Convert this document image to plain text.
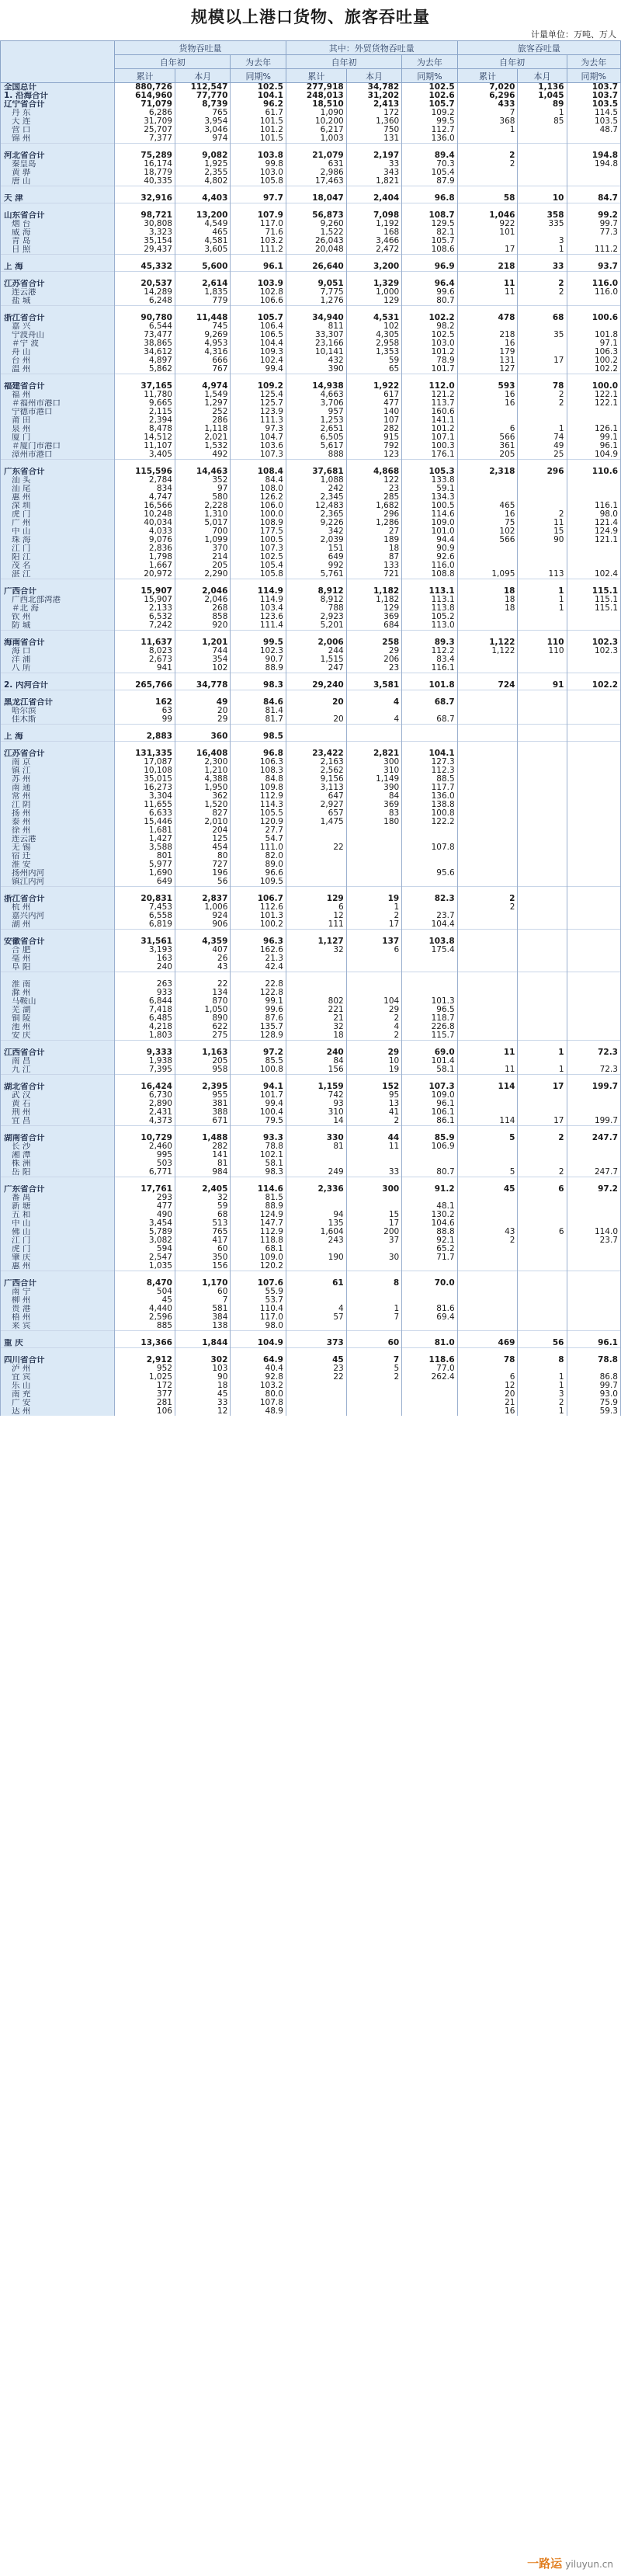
规模以上港口货物、旅客吞吐量
计量单位：万吨、万人
	货物吞吐量			其中：外贸货物吞吐量			旅客吞吐量		
	自年初		为去年	自年初		为去年	自年初		为去年
	累计	本月	同期%	累计	本月	同期%	累计	本月	同期%
全国总计	880,726	112,547	102.5	277,918	34,782	102.5	7,020	1,136	103.7
1. 沿海合计	614,960	77,770	104.1	248,013	31,202	102.6	6,296	1,045	103.7
辽宁省合计	71,079	8,739	96.2	18,510	2,413	105.7	433	89	103.5
丹 东	6,286	765	61.7	1,090	172	109.2	7	1	114.5
大 连	31,709	3,954	101.5	10,200	1,360	99.5	368	85	103.5
营 口	25,707	3,046	101.2	6,217	750	112.7	1		48.7
锦 州	7,377	974	101.5	1,003	131	136.0			

河北省合计	75,289	9,082	103.8	21,079	2,197	89.4	2		194.8
秦皇岛	16,174	1,925	99.8	631	33	70.3	2		194.8
黄 骅	18,779	2,355	103.0	2,986	343	105.4			
唐 山	40,335	4,802	105.8	17,463	1,821	87.9			

天 津	32,916	4,403	97.7	18,047	2,404	96.8	58	10	84.7

山东省合计	98,721	13,200	107.9	56,873	7,098	108.7	1,046	358	99.2
烟 台	30,808	4,549	117.0	9,260	1,192	129.5	922	335	99.7
威 海	3,323	465	71.6	1,522	168	82.1	101		77.3
青 岛	35,154	4,581	103.2	26,043	3,466	105.7		3	
日 照	29,437	3,605	111.2	20,048	2,472	108.6	17	1	111.2

上 海	45,332	5,600	96.1	26,640	3,200	96.9	218	33	93.7

江苏省合计	20,537	2,614	103.9	9,051	1,329	96.4	11	2	116.0
连云港	14,289	1,835	102.8	7,775	1,000	99.6	11	2	116.0
盐 城	6,248	779	106.6	1,276	129	80.7			

浙江省合计	90,780	11,448	105.7	34,940	4,531	102.2	478	68	100.6
嘉 兴	6,544	745	106.4	811	102	98.2			
宁波舟山	73,477	9,269	106.5	33,307	4,305	102.5	218	35	101.8
＃宁 波	38,865	4,953	104.4	23,166	2,958	103.0	16		97.1
舟 山	34,612	4,316	109.3	10,141	1,353	101.2	179		106.3
台 州	4,897	666	102.4	432	59	78.9	131	17	100.2
温 州	5,862	767	99.4	390	65	101.7	127		102.2

福建省合计	37,165	4,974	109.2	14,938	1,922	112.0	593	78	100.0
福 州	11,780	1,549	125.4	4,663	617	121.2	16	2	122.1
＃福州市港口	9,665	1,297	125.7	3,706	477	113.7	16	2	122.1
宁德市港口	2,115	252	123.9	957	140	160.6			
莆 田	2,394	286	111.3	1,253	107	141.1			
泉 州	8,478	1,118	97.3	2,651	282	101.2	6	1	126.1
厦 门	14,512	2,021	104.7	6,505	915	107.1	566	74	99.1
＃厦门市港口	11,107	1,532	103.6	5,617	792	100.3	361	49	96.1
漳州市港口	3,405	492	107.3	888	123	176.1	205	25	104.9

广东省合计	115,596	14,463	108.4	37,681	4,868	105.3	2,318	296	110.6
汕 头	2,784	352	84.4	1,088	122	133.8			
汕 尾	834	97	108.0	242	23	59.1			
惠 州	4,747	580	126.2	2,345	285	134.3			
深 圳	16,566	2,228	106.0	12,483	1,682	100.5	465		116.1
虎 门	10,248	1,310	100.0	2,365	296	114.6	16	2	98.0
广 州	40,034	5,017	108.9	9,226	1,286	109.0	75	11	121.4
中 山	4,033	700	177.5	342	27	101.0	102	15	124.9
珠 海	9,076	1,099	100.5	2,039	189	94.4	566	90	121.1
江 门	2,836	370	107.3	151	18	90.9			
阳 江	1,798	214	102.5	649	87	92.6			
茂 名	1,667	205	105.4	992	133	116.0			
湛 江	20,972	2,290	105.8	5,761	721	108.8	1,095	113	102.4

广西合计	15,907	2,046	114.9	8,912	1,182	113.1	18	1	115.1
广西北部湾港	15,907	2,046	114.9	8,912	1,182	113.1	18	1	115.1
＃北 海	2,133	268	103.4	788	129	113.8	18	1	115.1
钦 州	6,532	858	123.6	2,923	369	105.2			
防 城	7,242	920	111.4	5,201	684	113.0			

海南省合计	11,637	1,201	99.5	2,006	258	89.3	1,122	110	102.3
海 口	8,023	744	102.3	244	29	112.2	1,122	110	102.3
洋 浦	2,673	354	90.7	1,515	206	83.4			
八 所	941	102	88.9	247	23	116.1			

2. 内河合计	265,766	34,778	98.3	29,240	3,581	101.8	724	91	102.2

黑龙江省合计	162	49	84.6	20	4	68.7			
哈尔滨	63	20	81.4						
佳木斯	99	29	81.7	20	4	68.7			

上 海	2,883	360	98.5						

江苏省合计	131,335	16,408	96.8	23,422	2,821	104.1			
南 京	17,087	2,300	106.3	2,163	300	127.3			
镇 江	10,108	1,210	108.3	2,562	310	112.3			
苏 州	35,015	4,388	84.8	9,156	1,149	88.5			
南 通	16,273	1,950	109.8	3,113	390	117.7			
常 州	3,304	362	112.9	647	84	136.0			
江 阴	11,655	1,520	114.3	2,927	369	138.8			
扬 州	6,633	827	105.5	657	83	100.8			
泰 州	15,446	2,010	120.9	1,475	180	122.2			
徐 州	1,681	204	27.7						
连云港	1,427	125	54.7						
无 锡	3,588	454	111.0	22		107.8			
宿 迁	801	80	82.0						
淮 安	5,977	727	89.0						
扬州内河	1,690	196	96.6			95.6			
镇江内河	649	56	109.5						

浙江省合计	20,831	2,837	106.7	129	19	82.3	2		
杭 州	7,453	1,006	112.6	6	1		2		
嘉兴内河	6,558	924	101.3	12	2	23.7			
湖 州	6,819	906	100.2	111	17	104.4			

安徽省合计	31,561	4,359	96.3	1,127	137	103.8			
合 肥	3,193	407	162.6	32	6	175.4			
亳 州	163	26	21.3						
阜 阳	240	43	42.4						

淮 南	263	22	22.8						
滁 州	933	134	122.8						
马鞍山	6,844	870	99.1	802	104	101.3			
芜 湖	7,418	1,050	99.6	221	29	96.5			
铜 陵	6,485	890	87.6	21	2	118.7			
池 州	4,218	622	135.7	32	4	226.8			
安 庆	1,803	275	128.9	18	2	115.7			

江西省合计	9,333	1,163	97.2	240	29	69.0	11	1	72.3
南 昌	1,938	205	85.5	84	10	101.4			
九 江	7,395	958	100.8	156	19	58.1	11	1	72.3

湖北省合计	16,424	2,395	94.1	1,159	152	107.3	114	17	199.7
武 汉	6,730	955	101.7	742	95	109.0			
黄 石	2,890	381	99.4	93	13	96.1			
荆 州	2,431	388	100.4	310	41	106.1			
宜 昌	4,373	671	79.5	14	2	86.1	114	17	199.7

湖南省合计	10,729	1,488	93.3	330	44	85.9	5	2	247.7
长 沙	2,460	282	78.8	81	11	106.9			
湘 潭	995	141	102.1						
株 洲	503	81	58.1						
岳 阳	6,771	984	98.3	249	33	80.7	5	2	247.7

广东省合计	17,761	2,405	114.6	2,336	300	91.2	45	6	97.2
番 禺	293	32	81.5						
新 塘	477	59	88.9			48.1			
五 和	490	68	124.9	94	15	130.2			
中 山	3,454	513	147.7	135	17	104.6			
佛 山	5,789	765	112.9	1,604	200	88.8	43	6	114.0
江 门	3,082	417	118.8	243	37	92.1	2		23.7
虎 门	594	60	68.1			65.2			
肇 庆	2,547	350	109.0	190	30	71.7			
惠 州	1,035	156	120.2						

广西合计	8,470	1,170	107.6	61	8	70.0			
南 宁	504	60	55.9						
柳 州	45	7	53.7						
贵 港	4,440	581	110.4	4	1	81.6			
梧 州	2,596	384	117.0	57	7	69.4			
来 宾	885	138	98.0						

重 庆	13,366	1,844	104.9	373	60	81.0	469	56	96.1

四川省合计	2,912	302	64.9	45	7	118.6	78	8	78.8
泸 州	952	103	40.4	23	5	77.0			
宜 宾	1,025	90	92.8	22	2	262.4	6	1	86.8
乐 山	172	18	103.2				12	1	99.7
南 充	377	45	80.0				20	3	93.0
广 安	281	33	107.8				21	2	75.9
达 州	106	12	48.9				16	1	59.3
一路运 yiluyun.cn
